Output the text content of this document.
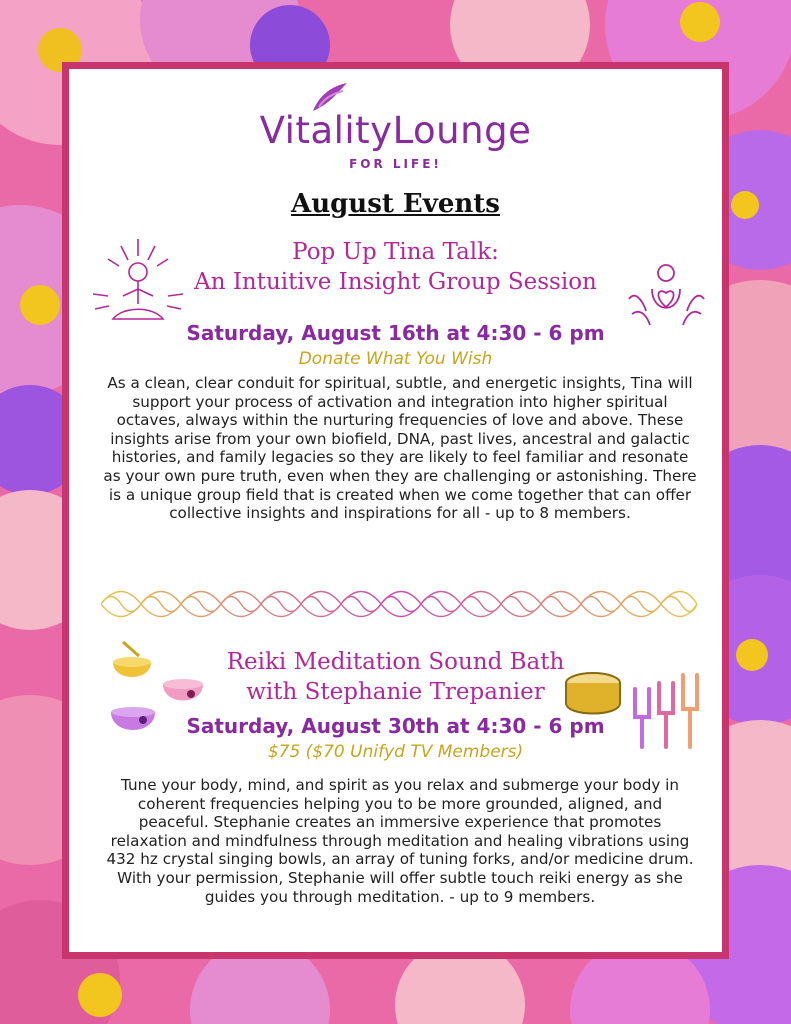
VitalityLounge
FOR LIFE!
August Events
Pop Up Tina Talk:
An Intuitive Insight Group Session
Saturday, August 16th at 4:30 - 6 pm
Donate What You Wish
As a clean, clear conduit for spiritual, subtle, and energetic insights, Tina will support your process of activation and integration into higher spiritual octaves, always within the nurturing frequencies of love and above. These insights arise from your own biofield, DNA, past lives, ancestral and galactic histories, and family legacies so they are likely to feel familiar and resonate as your own pure truth, even when they are challenging or astonishing. There is a unique group field that is created when we come together that can offer collective insights and inspirations for all - up to 8 members.
Reiki Meditation Sound Bath
with Stephanie Trepanier
Saturday, August 30th at 4:30 - 6 pm
$75 ($70 Unifyd TV Members)
Tune your body, mind, and spirit as you relax and submerge your body in coherent frequencies helping you to be more grounded, aligned, and peaceful. Stephanie creates an immersive experience that promotes relaxation and mindfulness through meditation and healing vibrations using 432 hz crystal singing bowls, an array of tuning forks, and/or medicine drum. With your permission, Stephanie will offer subtle touch reiki energy as she guides you through meditation. - up to 9 members.
